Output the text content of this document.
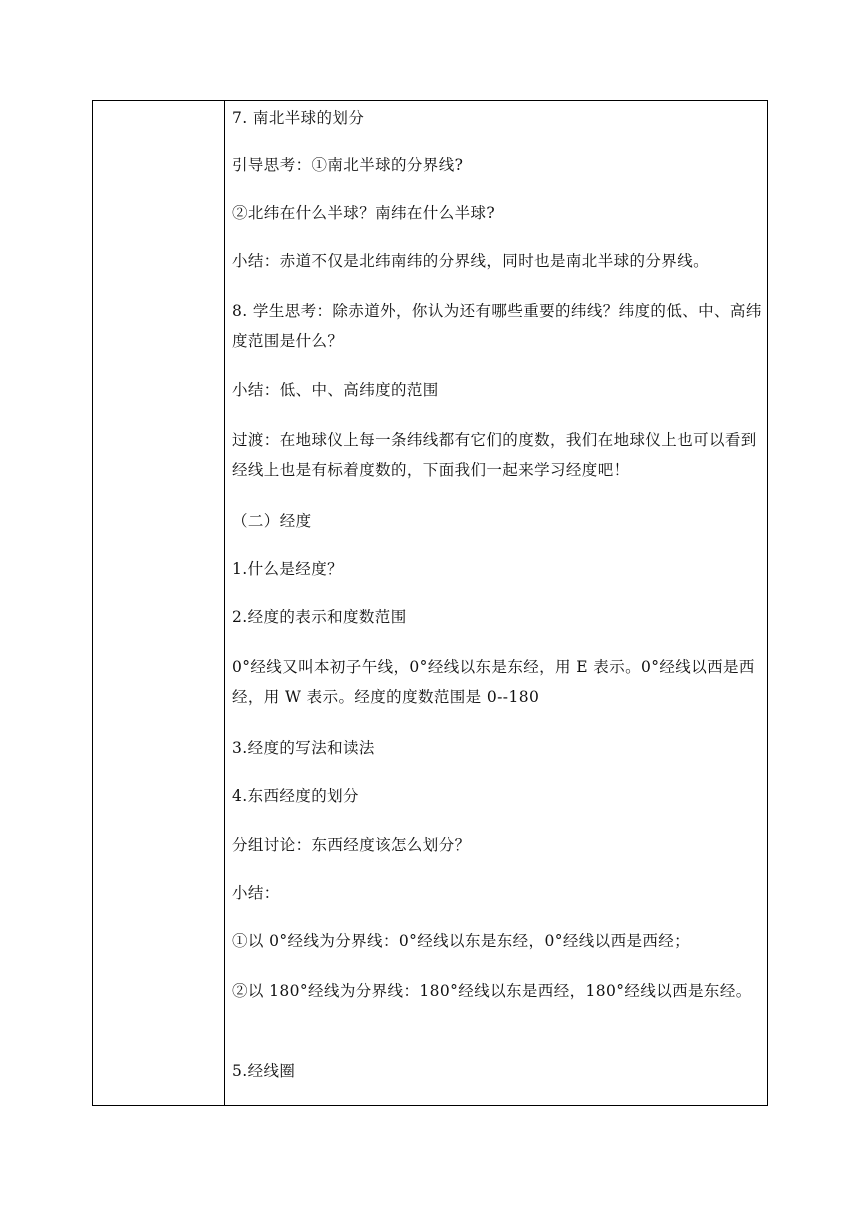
7. 南北半球的划分

引导思考：①南北半球的分界线?

②北纬在什么半球？南纬在什么半球?

小结：赤道不仅是北纬南纬的分界线，同时也是南北半球的分界线。

8. 学生思考：除赤道外，你认为还有哪些重要的纬线？纬度的低、中、高纬度范围是什么？

小结：低、中、高纬度的范围

过渡：在地球仪上每一条纬线都有它们的度数，我们在地球仪上也可以看到经线上也是有标着度数的，下面我们一起来学习经度吧！

（二）经度

1.什么是经度？

2.经度的表示和度数范围

0°经线又叫本初子午线，0°经线以东是东经，用 E 表示。0°经线以西是西经，用 W 表示。经度的度数范围是 0--180

3.经度的写法和读法

4.东西经度的划分

分组讨论：东西经度该怎么划分？

小结：

①以 0°经线为分界线：0°经线以东是东经，0°经线以西是西经；

②以 180°经线为分界线：180°经线以东是西经，180°经线以西是东经。

5.经线圈
